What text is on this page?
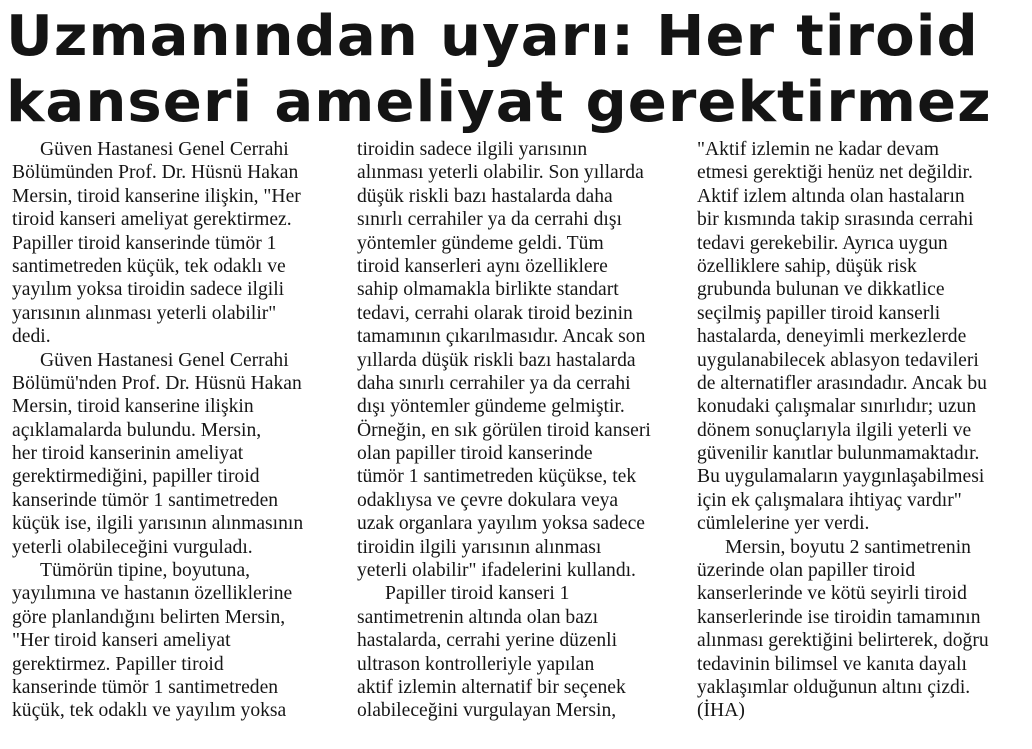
Uzmanından uyarı: Her tiroid
kanseri ameliyat gerektirmez
Güven Hastanesi Genel Cerrahi
Bölümünden Prof. Dr. Hüsnü Hakan
Mersin, tiroid kanserine ilişkin, "Her
tiroid kanseri ameliyat gerektirmez.
Papiller tiroid kanserinde tümör 1
santimetreden küçük, tek odaklı ve
yayılım yoksa tiroidin sadece ilgili
yarısının alınması yeterli olabilir"
dedi.
Güven Hastanesi Genel Cerrahi
Bölümü'nden Prof. Dr. Hüsnü Hakan
Mersin, tiroid kanserine ilişkin
açıklamalarda bulundu. Mersin,
her tiroid kanserinin ameliyat
gerektirmediğini, papiller tiroid
kanserinde tümör 1 santimetreden
küçük ise, ilgili yarısının alınmasının
yeterli olabileceğini vurguladı.
Tümörün tipine, boyutuna,
yayılımına ve hastanın özelliklerine
göre planlandığını belirten Mersin,
"Her tiroid kanseri ameliyat
gerektirmez. Papiller tiroid
kanserinde tümör 1 santimetreden
küçük, tek odaklı ve yayılım yoksa
tiroidin sadece ilgili yarısının
alınması yeterli olabilir. Son yıllarda
düşük riskli bazı hastalarda daha
sınırlı cerrahiler ya da cerrahi dışı
yöntemler gündeme geldi. Tüm
tiroid kanserleri aynı özelliklere
sahip olmamakla birlikte standart
tedavi, cerrahi olarak tiroid bezinin
tamamının çıkarılmasıdır. Ancak son
yıllarda düşük riskli bazı hastalarda
daha sınırlı cerrahiler ya da cerrahi
dışı yöntemler gündeme gelmiştir.
Örneğin, en sık görülen tiroid kanseri
olan papiller tiroid kanserinde
tümör 1 santimetreden küçükse, tek
odaklıysa ve çevre dokulara veya
uzak organlara yayılım yoksa sadece
tiroidin ilgili yarısının alınması
yeterli olabilir" ifadelerini kullandı.
Papiller tiroid kanseri 1
santimetrenin altında olan bazı
hastalarda, cerrahi yerine düzenli
ultrason kontrolleriyle yapılan
aktif izlemin alternatif bir seçenek
olabileceğini vurgulayan Mersin,
"Aktif izlemin ne kadar devam
etmesi gerektiği henüz net değildir.
Aktif izlem altında olan hastaların
bir kısmında takip sırasında cerrahi
tedavi gerekebilir. Ayrıca uygun
özelliklere sahip, düşük risk
grubunda bulunan ve dikkatlice
seçilmiş papiller tiroid kanserli
hastalarda, deneyimli merkezlerde
uygulanabilecek ablasyon tedavileri
de alternatifler arasındadır. Ancak bu
konudaki çalışmalar sınırlıdır; uzun
dönem sonuçlarıyla ilgili yeterli ve
güvenilir kanıtlar bulunmamaktadır.
Bu uygulamaların yaygınlaşabilmesi
için ek çalışmalara ihtiyaç vardır"
cümlelerine yer verdi.
Mersin, boyutu 2 santimetrenin
üzerinde olan papiller tiroid
kanserlerinde ve kötü seyirli tiroid
kanserlerinde ise tiroidin tamamının
alınması gerektiğini belirterek, doğru
tedavinin bilimsel ve kanıta dayalı
yaklaşımlar olduğunun altını çizdi.
(İHA)
